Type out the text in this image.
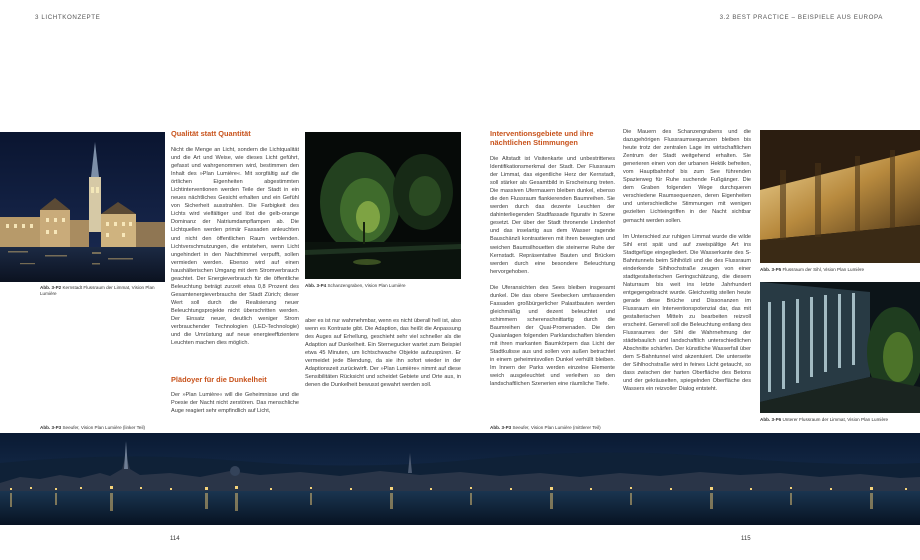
3 LICHTKONZEPTE	3.2 BEST PRACTICE – BEISPIELE AUS EUROPA
Abb. 3-P2 Kernstadt Flussraum der Limmat, Vision Plan Lumière
Qualität statt Quantität

Nicht die Menge an Licht, sondern die Lichtqualität und die Art und Weise, wie dieses Licht geführt, gefasst und wahrgenommen wird, bestimmen den Inhalt des »Plan Lumière«. Mit sorgfältig auf die örtlichen Eigenheiten abgestimmten Lichtinterventionen werden Teile der Stadt in ein neues nächtliches Gesicht erhalten und ein Gefühl von Sicherheit ausstrahlen. Die Farbigkeit des Lichts wird vielfältiger und löst die gelb-orange Dominanz der Natriumdampflampen ab. Die Lichtquellen werden primär Fassaden anleuchten und nicht den öffentlichen Raum verblenden. Lichtverschmutzungen, die entstehen, wenn Licht ungehindert in den Nachthimmel verpufft, sollen vermieden werden. Ebenso wird auf einen haushälterischen Umgang mit dem Stromverbrauch geachtet. Der Energieverbrauch für die öffentliche Beleuchtung beträgt zurzeit etwa 0,8 Prozent des Gesamtenergieverbrauchs der Stadt Zürich; dieser Wert soll durch die Realisierung neuer Beleuchtungsprojekte nicht überschritten werden. Der Einsatz neuer, deutlich weniger Strom verbrauchender Technologien (LED-Technologie) und die Umrüstung auf neue energieeffizientere Leuchten machen dies möglich.

Plädoyer für die Dunkelheit

Der »Plan Lumière« will die Geheimnisse und die Poesie der Nacht nicht zerstören. Das menschliche Auge reagiert sehr empfindlich auf Licht,

Abb. 3-P4 Schanzengraben, Vision Plan Lumière

aber es ist nur wahrnehmbar, wenn es nicht überall hell ist, also wenn es Kontraste gibt. Die Adaption, das heißt die Anpassung des Auges auf Erhellung, geschieht sehr viel schneller als die Adaption auf Dunkelheit. Ein Sternegucker wartet zum Beispiel etwa 45 Minuten, um lichtschwache Objekte aufzuspüren. Er vermeidet jede Blendung, da sie ihn sofort wieder in der Adaptionszeit zurückwirft. Der »Plan Lumière« nimmt auf diese Sensibilitäten Rücksicht und scheidet Gebiete und Orte aus, in denen die Dunkelheit bewusst gewahrt werden soll.

Interventionsgebiete und ihre nächtlichen Stimmungen

Die Altstadt ist Visitenkarte und unbestrittenes Identifikationsmerkmal der Stadt. Der Flussraum der Limmat, das eigentliche Herz der Kernstadt, soll stärker als Gesamtbild in Erscheinung treten. Die massiven Ufermauern bleiben dunkel, ebenso die den Flussraum flankierenden Baumreihen. Sie werden durch das dezente Leuchten der dahinterliegenden Stadtfassade figurativ in Szene gesetzt. Der über der Stadt thronende Lindenhof und das inselartig aus dem Wasser ragende Bauschänzli kontrastieren mit ihren bewegten und weichen Baumsilhouetten die steinerne Ruhe der Kernstadt. Repräsentative Bauten und Brücken werden durch eine besondere Beleuchtung hervorgehoben.

Die Uferansichten des Sees bleiben insgesamt dunkel. Die das obere Seebecken umfassenden Fassaden großbürgerlicher Palastbauten werden gleichmäßig und dezent beleuchtet und schimmern scherenschnittartig durch die Baumreihen der Quai-Promenaden. Die den Quaianlagen folgenden Parklandschaften blenden mit ihren markanten Baumkörpern das Licht der Stadtkulisse aus und sollen von außen betrachtet in einem geheimnisvollen Dunkel verhüllt bleiben. Im Innern der Parks werden einzelne Elemente weich ausgeleuchtet und verleihen so den landschaftlichen Szenerien eine räumliche Tiefe.

Die Mauern des Schanzengrabens und die dazugehörigen Flussraumsequenzen bleiben bis heute trotz der zentralen Lage im wirtschaftlichen Zentrum der Stadt weitgehend erhalten. Sie generieren einen von der urbanen Hektik befreiten, vom Hauptbahnhof bis zum See führenden Spazierweg für Ruhe suchende Fußgänger. Die dem Graben folgenden Wege durchqueren verschiedene Raumsequenzen, deren Eigenheiten und unterschiedliche Stimmungen mit wenigen gezielten Lichteingriffen in der Nacht sichtbar gemacht werden sollen.

Im Unterschied zur ruhigen Limmat wurde die wilde Sihl erst spät und auf zweispältige Art ins Stadtgefüge eingegliedert. Die Wasserkante des S-Bahntunnels beim Sihlhölzli und die des Flussraum einderkende Sihlhochstraße zeugen von einer stadtgestalterischen Geringschätzung, die diesem Naturraum bis weit ins letzte Jahrhundert entgegengebracht wurde. Gleichzeitig stellen heute gerade diese Brüche und Dissonanzen im Flussraum ein Interventionspotenzial dar, das mit gestalterischen Mitteln zu bearbeiten reizvoll erscheint. Generell soll die Beleuchtung entlang des Flussraumes der Sihl die Wahrnehmung der städtebaulich und landschaftlich unterschiedlichen Abschnitte schärfen. Der künstliche Wasserfall über dem S-Bahntunnel wird akzentuiert. Die unterseite der Sihlhochstraße wird in feines Licht getaucht, so dass zwischen der harten Oberfläche des Betons und der gekräuselten, spiegelnden Oberfläche des Wassers ein reizvoller Dialog entsteht.

Abb. 3-P5 Flussraum der Sihl, Vision Plan Lumière
Abb. 3-P6 Unterer Flussraum der Limmat, Vision Plan Lumière
Abb. 3-P3 Seeufer, Vision Plan Lumière (linker Teil)	Abb. 3-P3 Seeufer, Vision Plan Lumière (mittlerer Teil)
114	115
